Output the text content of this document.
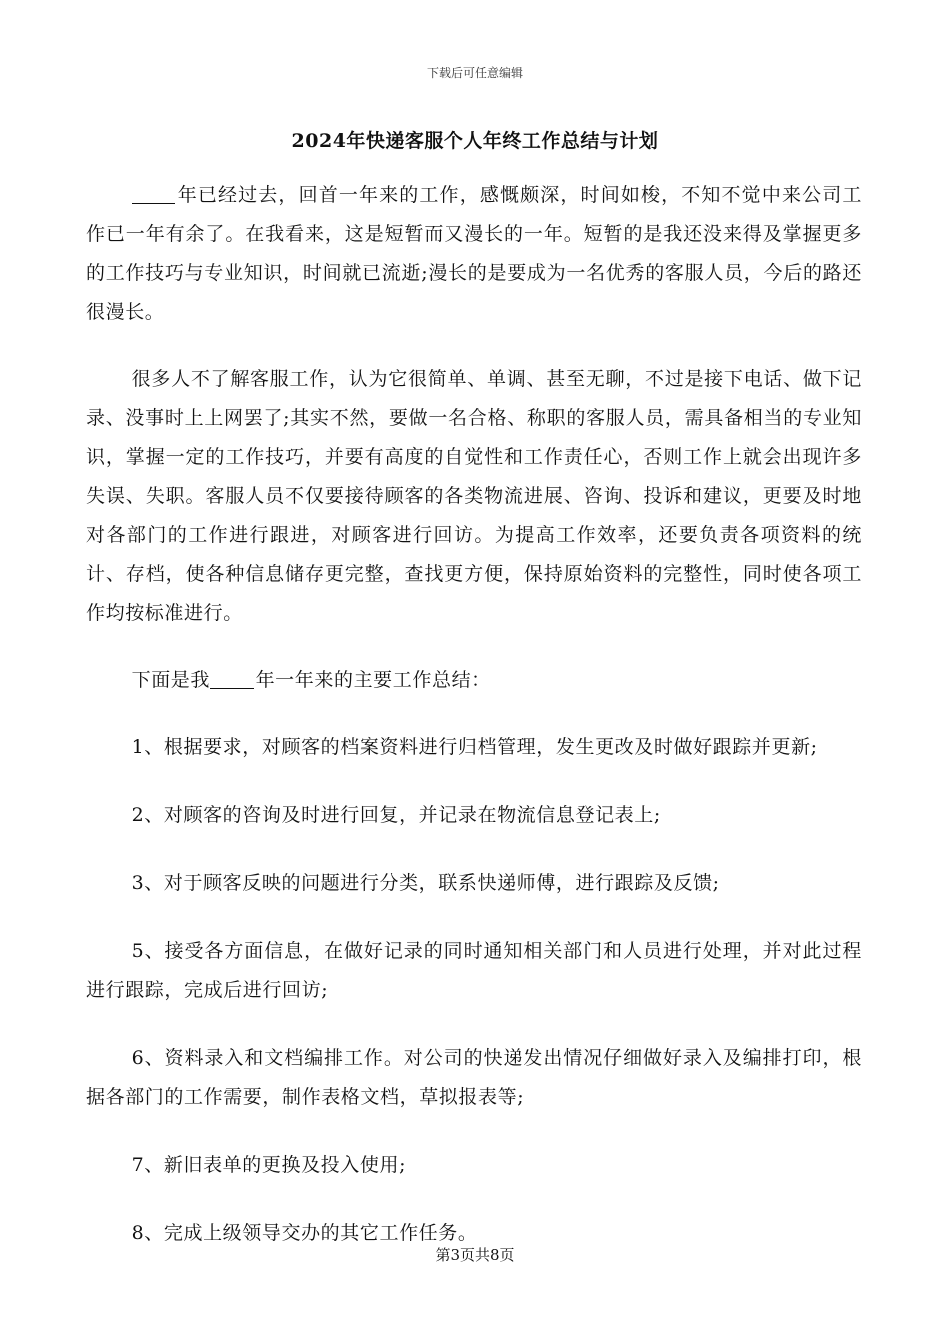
下载后可任意编辑
2024年快递客服个人年终工作总结与计划

年已经过去，回首一年来的工作，感慨颇深，时间如梭，不知不觉中来公司工作已一年有余了。在我看来，这是短暂而又漫长的一年。短暂的是我还没来得及掌握更多的工作技巧与专业知识，时间就已流逝;漫长的是要成为一名优秀的客服人员，今后的路还很漫长。

很多人不了解客服工作，认为它很简单、单调、甚至无聊，不过是接下电话、做下记录、没事时上上网罢了;其实不然，要做一名合格、称职的客服人员，需具备相当的专业知识，掌握一定的工作技巧，并要有高度的自觉性和工作责任心，否则工作上就会出现许多失误、失职。客服人员不仅要接待顾客的各类物流进展、咨询、投诉和建议，更要及时地对各部门的工作进行跟进，对顾客进行回访。为提高工作效率，还要负责各项资料的统计、存档，使各种信息储存更完整，查找更方便，保持原始资料的完整性，同时使各项工作均按标准进行。

下面是我 年一年来的主要工作总结：

1、根据要求，对顾客的档案资料进行归档管理，发生更改及时做好跟踪并更新;

2、对顾客的咨询及时进行回复，并记录在物流信息登记表上;

3、对于顾客反映的问题进行分类，联系快递师傅，进行跟踪及反馈;

5、接受各方面信息，在做好记录的同时通知相关部门和人员进行处理，并对此过程进行跟踪，完成后进行回访;

6、资料录入和文档编排工作。对公司的快递发出情况仔细做好录入及编排打印，根据各部门的工作需要，制作表格文档，草拟报表等;

7、新旧表单的更换及投入使用;

8、完成上级领导交办的其它工作任务。

第3页共8页
